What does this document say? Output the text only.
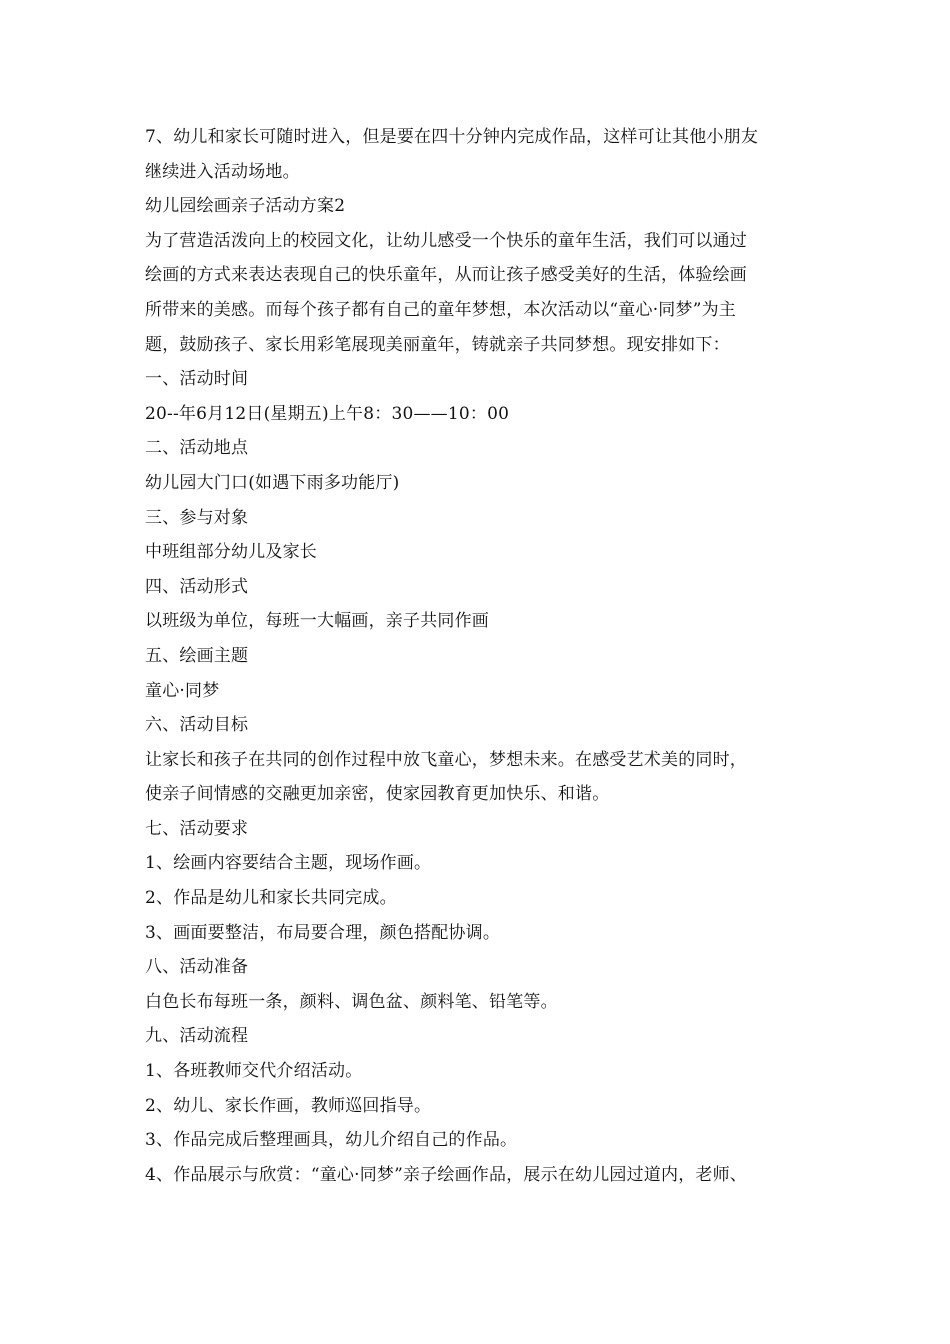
7、幼儿和家长可随时进入，但是要在四十分钟内完成作品，这样可让其他小朋友
继续进入活动场地。
幼儿园绘画亲子活动方案2
为了营造活泼向上的校园文化，让幼儿感受一个快乐的童年生活，我们可以通过
绘画的方式来表达表现自己的快乐童年，从而让孩子感受美好的生活，体验绘画
所带来的美感。而每个孩子都有自己的童年梦想，本次活动以“童心·同梦”为主
题，鼓励孩子、家长用彩笔展现美丽童年，铸就亲子共同梦想。现安排如下：
一、活动时间
20--年6月12日(星期五)上午8：30——10：00
二、活动地点
幼儿园大门口(如遇下雨多功能厅)
三、参与对象
中班组部分幼儿及家长
四、活动形式
以班级为单位，每班一大幅画，亲子共同作画
五、绘画主题
童心·同梦
六、活动目标
让家长和孩子在共同的创作过程中放飞童心，梦想未来。在感受艺术美的同时，
使亲子间情感的交融更加亲密，使家园教育更加快乐、和谐。
七、活动要求
1、绘画内容要结合主题，现场作画。
2、作品是幼儿和家长共同完成。
3、画面要整洁，布局要合理，颜色搭配协调。
八、活动准备
白色长布每班一条，颜料、调色盆、颜料笔、铅笔等。
九、活动流程
1、各班教师交代介绍活动。
2、幼儿、家长作画，教师巡回指导。
3、作品完成后整理画具，幼儿介绍自己的作品。
4、作品展示与欣赏：“童心·同梦”亲子绘画作品，展示在幼儿园过道内，老师、
